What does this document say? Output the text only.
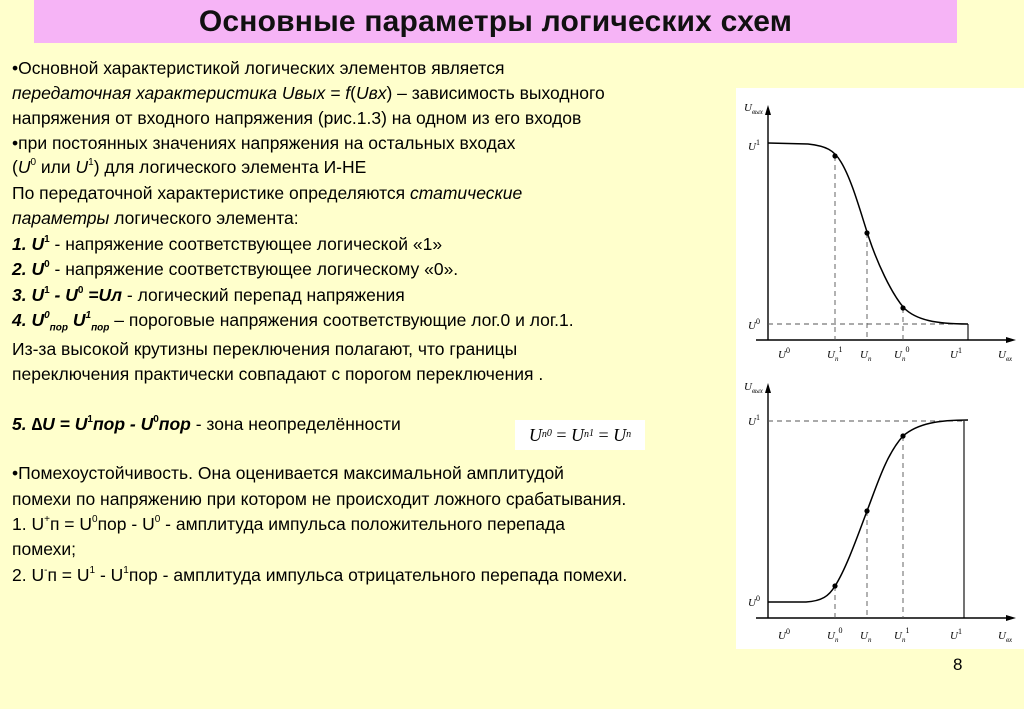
Основные параметры логических схем
•Основной характеристикой логических элементов является
передаточная характеристика Uвых = f(Uвх) – зависимость выходного
напряжения от входного напряжения (рис.1.3) на одном из его входов
•при постоянных значениях напряжения на остальных входах
($U^0$ или $U^1$) для логического элемента И-НЕ
По передаточной характеристике определяются статические
параметры логического элемента:
1. $U^1$ - напряжение соответствующее логической «1»
2. $U^0$ - напряжение соответствующее логическому «0».
3. $U^1 - U^0 =Uл$ - логический перепад напряжения
4. $U^0_{пор}$ $U^1_{пор}$ – пороговые напряжения соответствующие лог.0 и лог.1.
Из-за высокой крутизны переключения полагают, что границы
переключения практически совпадают с порогом переключения .
5. $\Delta U = U^1пор - U^0пор$ - зона неопределённости
U $п^0 = U$ $п^1 = U$ п
•Помехоустойчивость. Она оценивается максимальной амплитудой
помехи по напряжению при котором не происходит ложного срабатывания.
1. $U^+п = U^0пор - U^0$ - амплитуда импульса положительного перепада
помехи;
2. $U^-п = U^1 - U^1пор$ - амплитуда импульса отрицательного перепада помехи.
$U_{вых}$
$U_{вх}$
$U^1$
$U^0$
$U^0$	$U_п^1$ $U_п$ $U_п^0$	$U^1$
$U_{вых}$
$U_{вх}$
$U^1$
$U^0$
$U^0$	$U_п^0$ $U_п$ $U_п^1$	$U^1$
8
